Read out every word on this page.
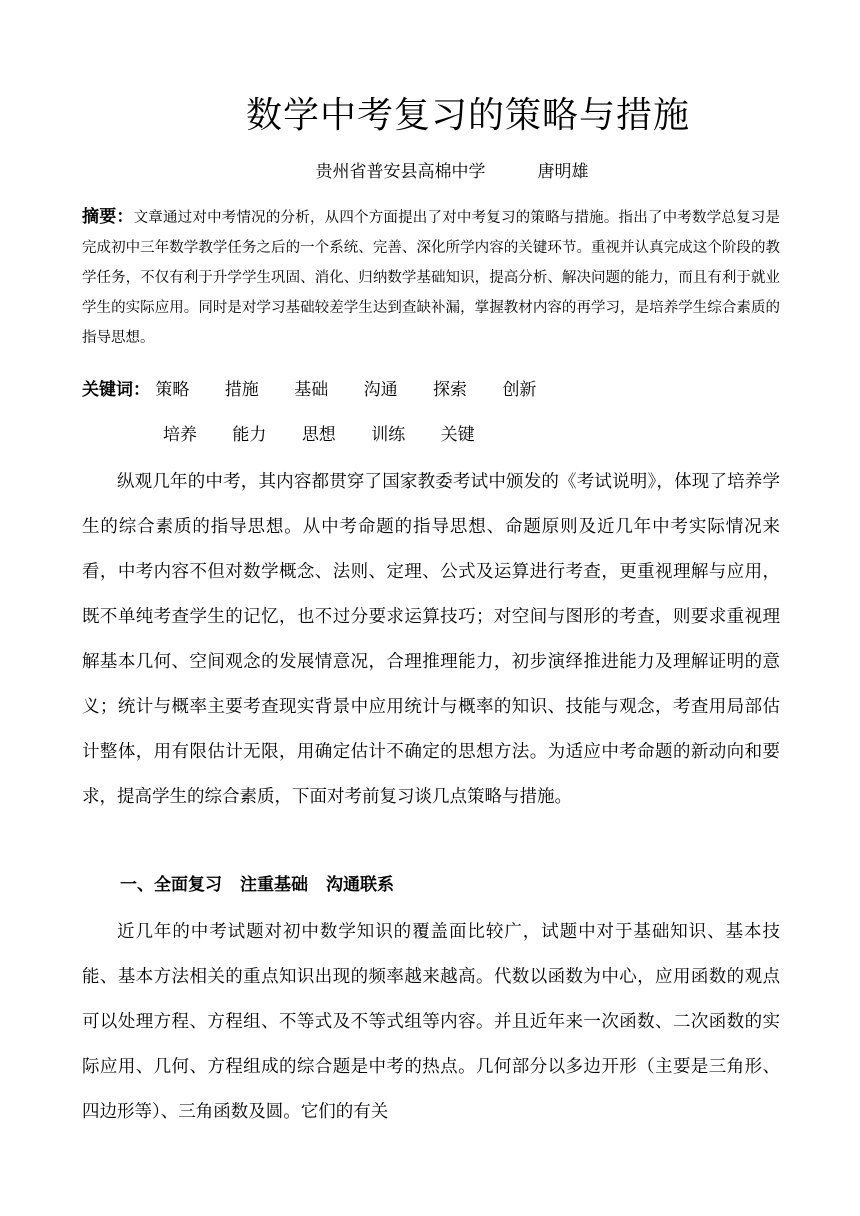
数学中考复习的策略与措施
贵州省普安县高棉中学	唐明雄
摘要：文章通过对中考情况的分析，从四个方面提出了对中考复习的策略与措施。指出了中考数学总复习是完成初中三年数学教学任务之后的一个系统、完善、深化所学内容的关键环节。重视并认真完成这个阶段的教学任务，不仅有利于升学学生巩固、消化、归纳数学基础知识，提高分析、解决问题的能力，而且有利于就业学生的实际应用。同时是对学习基础较差学生达到查缺补漏，掌握教材内容的再学习，是培养学生综合素质的指导思想。
关键词： 策略 措施 基础 沟通 探索 创新
培养 能力 思想 训练 关键
纵观几年的中考，其内容都贯穿了国家教委考试中颁发的《考试说明》，体现了培养学生的综合素质的指导思想。从中考命题的指导思想、命题原则及近几年中考实际情况来看，中考内容不但对数学概念、法则、定理、公式及运算进行考查，更重视理解与应用，既不单纯考查学生的记忆，也不过分要求运算技巧；对空间与图形的考查，则要求重视理解基本几何、空间观念的发展情意况，合理推理能力，初步演绎推进能力及理解证明的意义；统计与概率主要考查现实背景中应用统计与概率的知识、技能与观念，考查用局部估计整体，用有限估计无限，用确定估计不确定的思想方法。为适应中考命题的新动向和要求，提高学生的综合素质，下面对考前复习谈几点策略与措施。
一、全面复习 注重基础 沟通联系
近几年的中考试题对初中数学知识的覆盖面比较广，试题中对于基础知识、基本技能、基本方法相关的重点知识出现的频率越来越高。代数以函数为中心，应用函数的观点可以处理方程、方程组、不等式及不等式组等内容。并且近年来一次函数、二次函数的实际应用、几何、方程组成的综合题是中考的热点。几何部分以多边开形（主要是三角形、四边形等）、三角函数及圆。它们的有关
